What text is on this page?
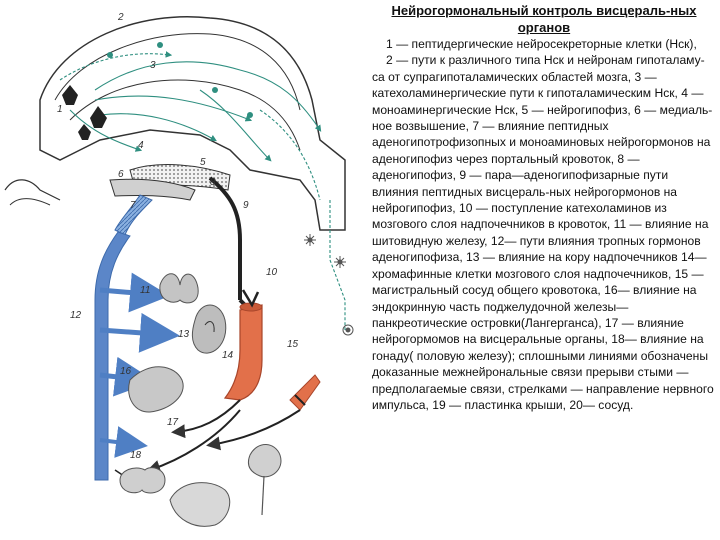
1
2
3
4
5
6
7
8
9
10
11
12
13
14
15
16
17
18
Нейрогормональный контроль висцераль-ных органов
1 — пептидергические нейросекреторные клетки (Нск),
2 — пути к различного типа Нск и нейронам гипоталаму-са от супрагипоталамических областей мозга, 3 — катехоламинергические пути к гипоталамическим Нск, 4 — моноаминергические Нск, 5 — нейрогипофиз, 6 — медиаль-ное возвышение, 7 — влияние пептидных аденогипотрофизопных и моноаминовых нейрогормонов на аденогипофиз через портальный кровоток, 8 — аденогипофиз, 9 — пара—аденогипофизарные пути влияния пептидных висцераль-ных нейрогормонов на нейрогипофиз, 10 — поступление катехоламинов из мозгового слоя надпочечников в кровоток, 11 — влияние на шитовидную железу, 12— пути влияния тропных гормонов аденогипофиза, 13 — влияние на кору надпочечников 14— хромафинные клетки мозгового слоя надпочечников, 15 — магистральный сосуд общего кровотока, 16— влияние на эндокринную часть поджелудочной железы— панкреотические островки(Лангерганса), 17 — влияние нейрогормомов на висцеральные органы, 18— влияние на гонаду( половую железу); сплошными линиями обозначены доказанные межнейрональные связи прерыви стыми — предполагаемые связи, стрелками — направление нервного импульса, 19 — пластинка крыши, 20— сосуд.
